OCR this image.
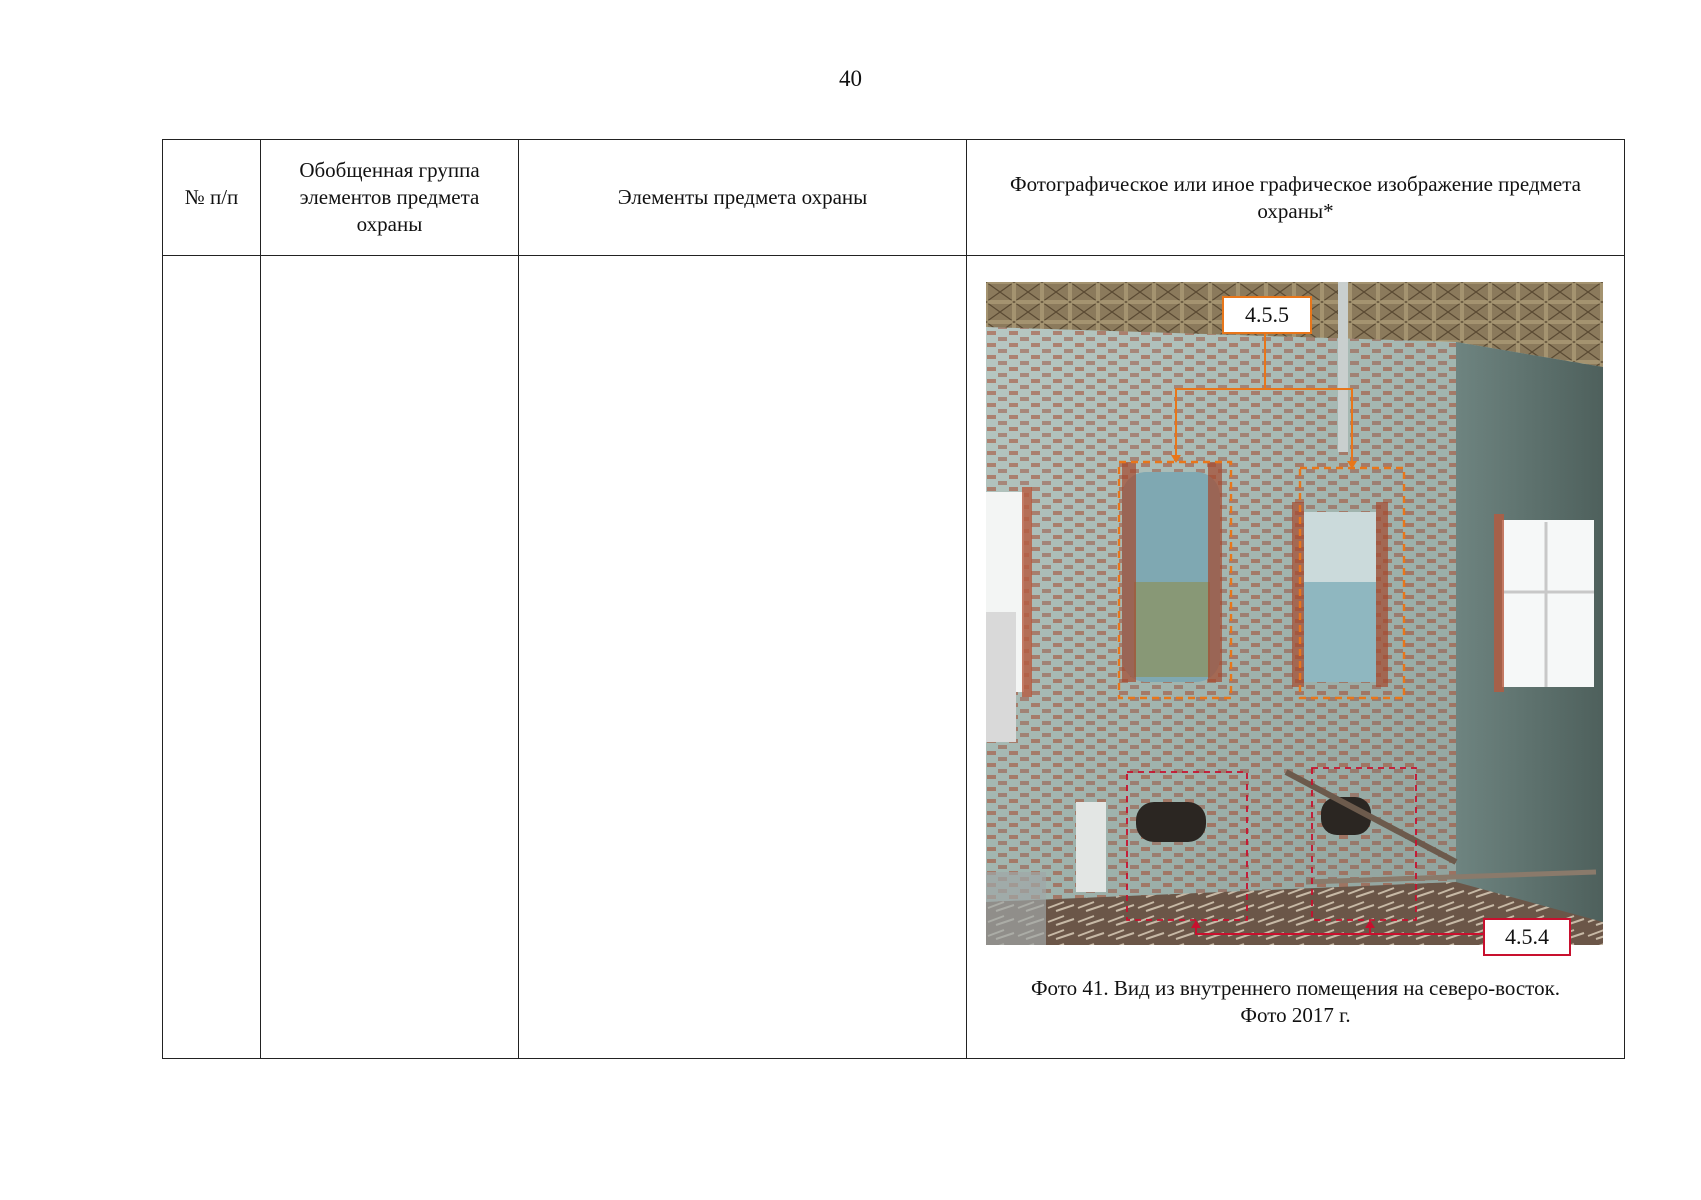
40
№ п/п	Обобщенная группа элементов предмета охраны	Элементы предмета охраны	Фотографическое или иное графическое изображение предмета охраны*

			4.5.5
4.5.4
Фото 41. Вид из внутреннего помещения на северо-восток.
Фото 2017 г.
